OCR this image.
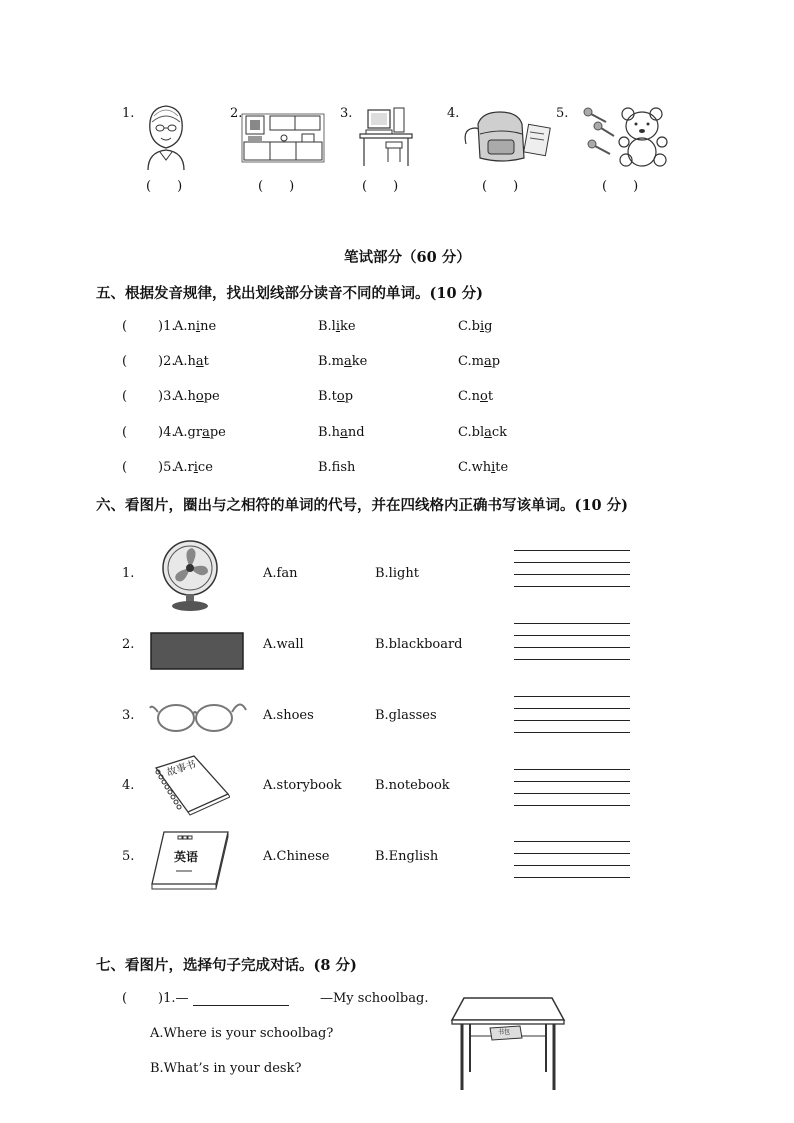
1.
(　　)
2.
(　　)
3.
(　　)
4.
(　　)
5.
(　　)
笔试部分（60 分）
五、根据发音规律，找出划线部分读音不同的单词。(10 分)
( )1.
A.nine	B.like	C.big
( )2.
A.hat	B.make	C.map
( )3.
A.hope	B.top	C.not
( )4.
A.grape	B.hand	C.black
( )5.
A.rice	B.fsh	C.white
六、看图片，圈出与之相符的单词的代号，并在四线格内正确书写该单词。(10 分)
1.	A.fan	B.light
2.	A.wall	B.blackboard
3.	A.shoes	B.glasses
4.
故事书
A.storybook	B.notebook
5.	英语	A.Chinese	B.English
七、看图片，选择句子完成对话。(8 分)
( )1.—	—My schoolbag.
A.Where is your schoolbag?
B.What’s in your desk?
书包
